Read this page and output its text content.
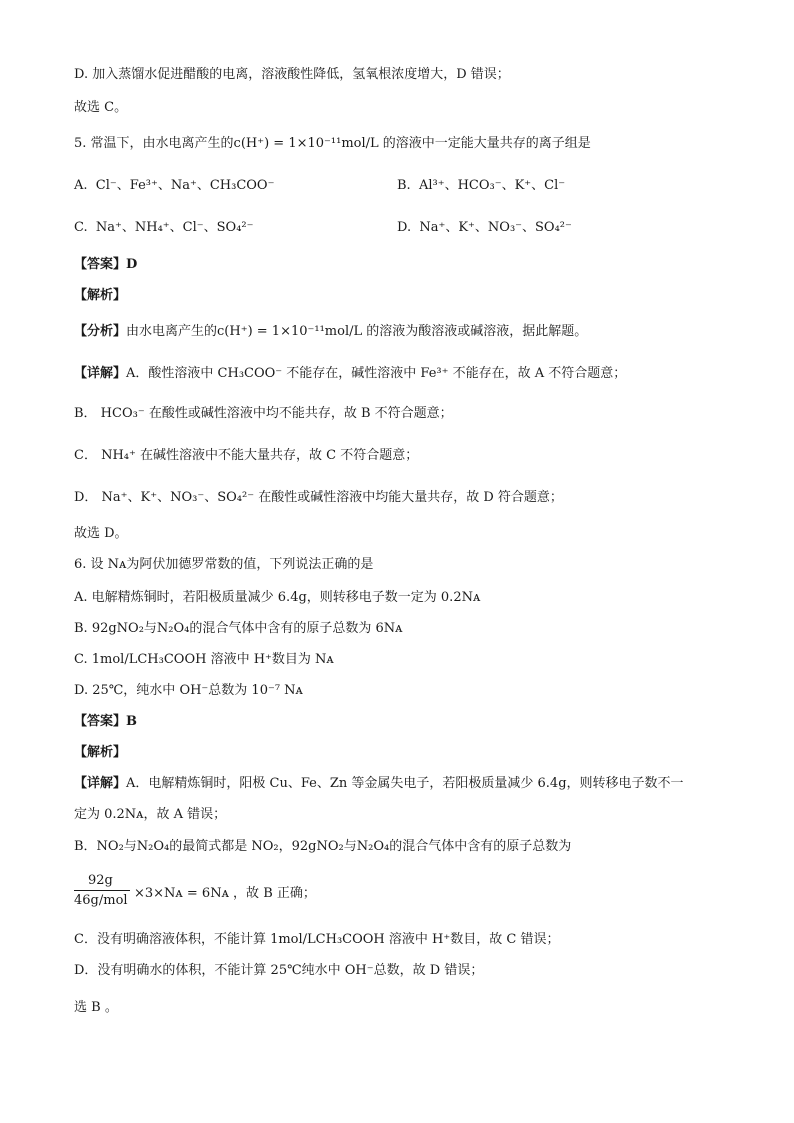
D. 加入蒸馏水促进醋酸的电离，溶液酸性降低，氢氧根浓度增大，D 错误；
故选 C。
5. 常温下，由水电离产生的c(H⁺) = 1×10⁻¹¹mol/L 的溶液中一定能大量共存的离子组是
A. Cl⁻、Fe³⁺、Na⁺、CH₃COO⁻	B. Al³⁺、HCO₃⁻、K⁺、Cl⁻
C. Na⁺、NH₄⁺、Cl⁻、SO₄²⁻	D. Na⁺、K⁺、NO₃⁻、SO₄²⁻
【答案】D
【解析】
【分析】由水电离产生的c(H⁺) = 1×10⁻¹¹mol/L 的溶液为酸溶液或碱溶液，据此解题。
【详解】A．酸性溶液中 CH₃COO⁻ 不能存在，碱性溶液中 Fe³⁺ 不能存在，故 A 不符合题意；
B． HCO₃⁻ 在酸性或碱性溶液中均不能共存，故 B 不符合题意；
C． NH₄⁺ 在碱性溶液中不能大量共存，故 C 不符合题意；
D． Na⁺、K⁺、NO₃⁻、SO₄²⁻ 在酸性或碱性溶液中均能大量共存，故 D 符合题意；
故选 D。
6. 设 Nᴀ为阿伏加德罗常数的值，下列说法正确的是
A. 电解精炼铜时，若阳极质量减少 6.4g，则转移电子数一定为 0.2Nᴀ
B. 92gNO₂与N₂O₄的混合气体中含有的原子总数为 6Nᴀ
C. 1mol/LCH₃COOH 溶液中 H⁺数目为 Nᴀ
D. 25℃，纯水中 OH⁻总数为 10⁻⁷ Nᴀ
【答案】B
【解析】
【详解】A．电解精炼铜时，阳极 Cu、Fe、Zn 等金属失电子，若阳极质量减少 6.4g，则转移电子数不一
定为 0.2Nᴀ，故 A 错误；
B．NO₂与N₂O₄的最简式都是 NO₂，92gNO₂与N₂O₄的混合气体中含有的原子总数为
92g
46g/mol ×3×Nᴀ = 6Nᴀ ，故 B 正确；
C．没有明确溶液体积，不能计算 1mol/LCH₃COOH 溶液中 H⁺数目，故 C 错误；
D．没有明确水的体积，不能计算 25℃纯水中 OH⁻总数，故 D 错误；
选 B 。
